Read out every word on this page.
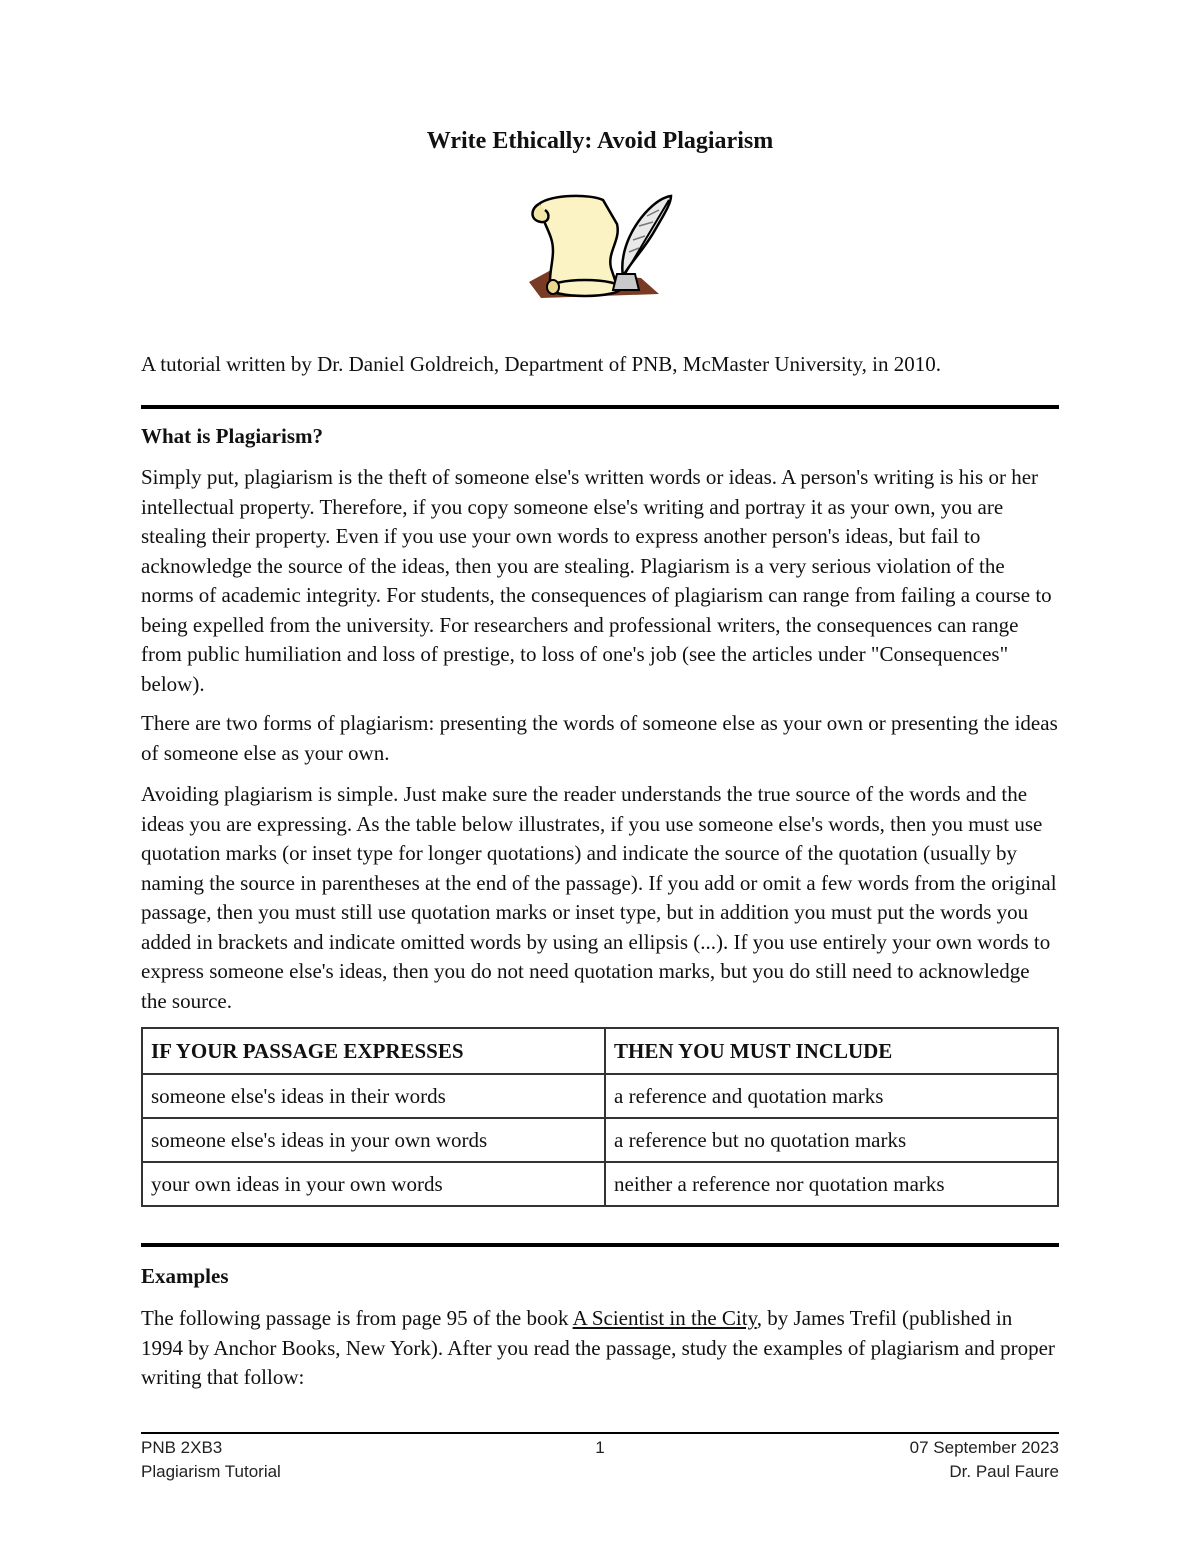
Write Ethically: Avoid Plagiarism
A tutorial written by Dr. Daniel Goldreich, Department of PNB, McMaster University, in 2010.
What is Plagiarism?

Simply put, plagiarism is the theft of someone else's written words or ideas. A person's writing is his or her intellectual property. Therefore, if you copy someone else's writing and portray it as your own, you are stealing their property. Even if you use your own words to express another person's ideas, but fail to acknowledge the source of the ideas, then you are stealing. Plagiarism is a very serious violation of the norms of academic integrity. For students, the consequences of plagiarism can range from failing a course to being expelled from the university. For researchers and professional writers, the consequences can range from public humiliation and loss of prestige, to loss of one's job (see the articles under "Consequences" below).

There are two forms of plagiarism: presenting the words of someone else as your own or presenting the ideas of someone else as your own.

Avoiding plagiarism is simple. Just make sure the reader understands the true source of the words and the ideas you are expressing. As the table below illustrates, if you use someone else's words, then you must use quotation marks (or inset type for longer quotations) and indicate the source of the quotation (usually by naming the source in parentheses at the end of the passage). If you add or omit a few words from the original passage, then you must still use quotation marks or inset type, but in addition you must put the words you added in brackets and indicate omitted words by using an ellipsis (...). If you use entirely your own words to express someone else's ideas, then you do not need quotation marks, but you do still need to acknowledge the source.

IF YOUR PASSAGE EXPRESSES	THEN YOU MUST INCLUDE
someone else's ideas in their words	a reference and quotation marks
someone else's ideas in your own words	a reference but no quotation marks
your own ideas in your own words	neither a reference nor quotation marks
Examples

The following passage is from page 95 of the book A Scientist in the City, by James Trefil (published in 1994 by Anchor Books, New York). After you read the passage, study the examples of plagiarism and proper writing that follow:

PNB 2XB3	1	07 September 2023
Plagiarism Tutorial	Dr. Paul Faure
